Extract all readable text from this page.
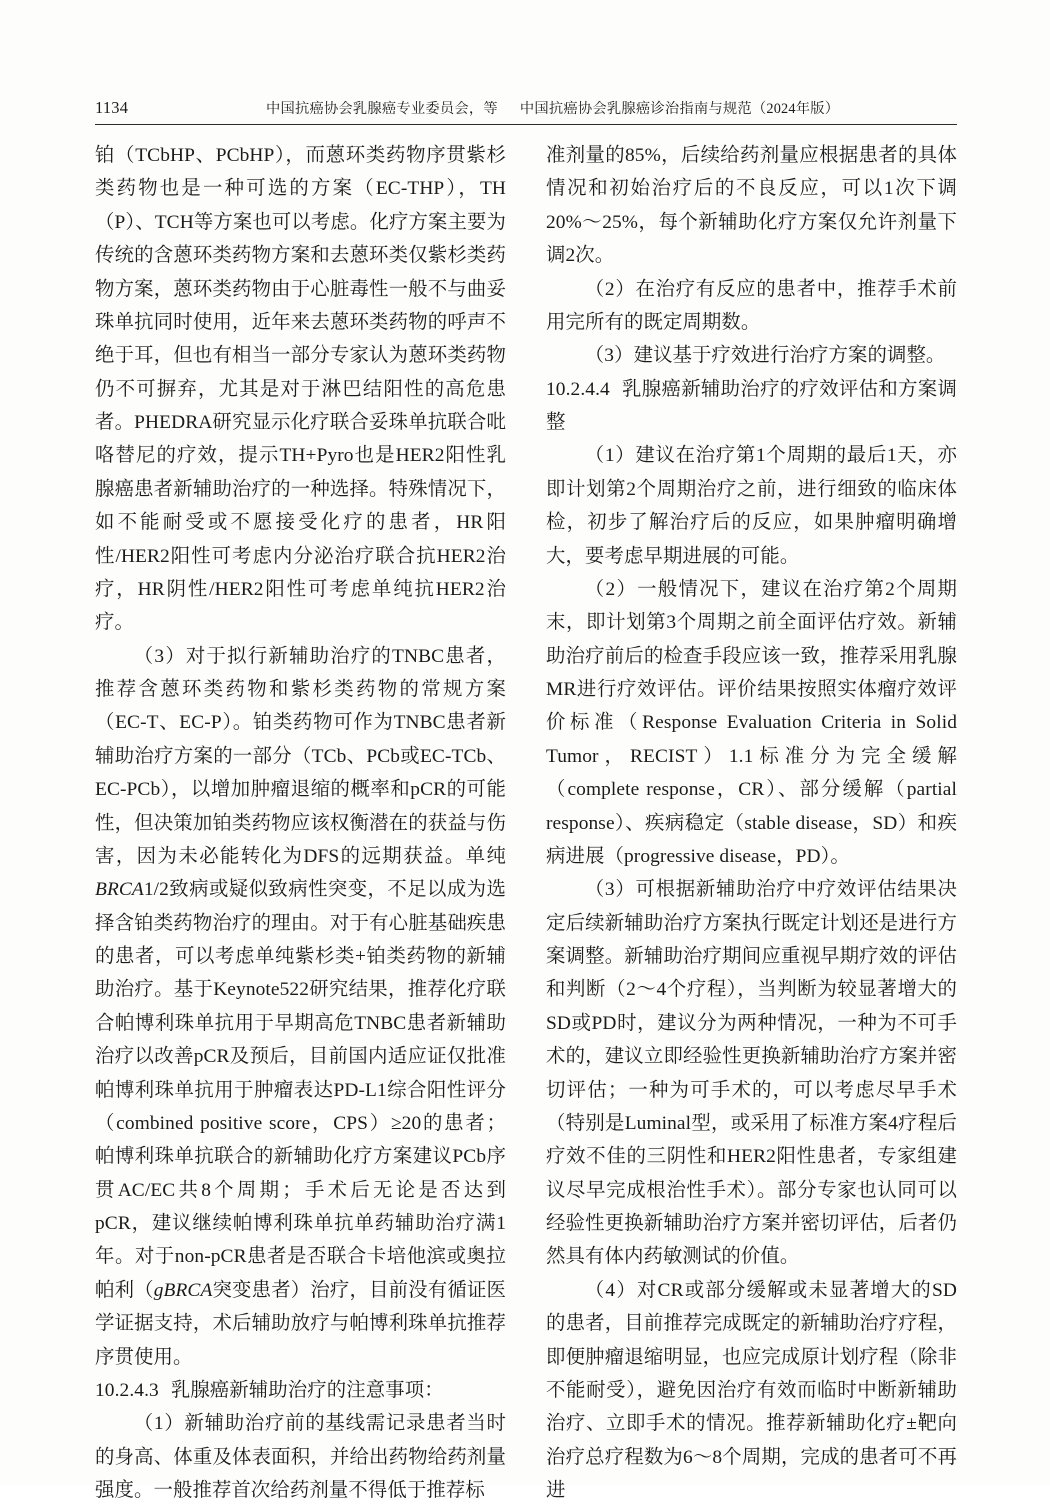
1134	中国抗癌协会乳腺癌专业委员会，等 中国抗癌协会乳腺癌诊治指南与规范（2024年版）

铂（TCbHP、PCbHP），而蒽环类药物序贯紫杉类药物也是一种可选的方案（EC-THP），TH（P）、TCH等方案也可以考虑。化疗方案主要为传统的含蒽环类药物方案和去蒽环类仅紫杉类药物方案，蒽环类药物由于心脏毒性一般不与曲妥珠单抗同时使用，近年来去蒽环类药物的呼声不绝于耳，但也有相当一部分专家认为蒽环类药物仍不可摒弃，尤其是对于淋巴结阳性的高危患者。PHEDRA研究显示化疗联合妥珠单抗联合吡咯替尼的疗效，提示TH+Pyro也是HER2阳性乳腺癌患者新辅助治疗的一种选择。特殊情况下，如不能耐受或不愿接受化疗的患者，HR阳性/HER2阳性可考虑内分泌治疗联合抗HER2治疗，HR阴性/HER2阳性可考虑单纯抗HER2治疗。

（3）对于拟行新辅助治疗的TNBC患者，推荐含蒽环类药物和紫杉类药物的常规方案（EC-T、EC-P）。铂类药物可作为TNBC患者新辅助治疗方案的一部分（TCb、PCb或EC-TCb、EC-PCb），以增加肿瘤退缩的概率和pCR的可能性，但决策加铂类药物应该权衡潜在的获益与伤害，因为未必能转化为DFS的远期获益。单纯BRCA1/2致病或疑似致病性突变，不足以成为选择含铂类药物治疗的理由。对于有心脏基础疾患的患者，可以考虑单纯紫杉类+铂类药物的新辅助治疗。基于Keynote522研究结果，推荐化疗联合帕博利珠单抗用于早期高危TNBC患者新辅助治疗以改善pCR及预后，目前国内适应证仅批准帕博利珠单抗用于肿瘤表达PD-L1综合阳性评分（combined positive score，CPS）≥20的患者；帕博利珠单抗联合的新辅助化疗方案建议PCb序贯AC/EC共8个周期；手术后无论是否达到pCR，建议继续帕博利珠单抗单药辅助治疗满1年。对于non-pCR患者是否联合卡培他滨或奥拉帕利（gBRCA突变患者）治疗，目前没有循证医学证据支持，术后辅助放疗与帕博利珠单抗推荐序贯使用。

10.2.4.3 乳腺癌新辅助治疗的注意事项：

（1）新辅助治疗前的基线需记录患者当时的身高、体重及体表面积，并给出药物给药剂量强度。一般推荐首次给药剂量不得低于推荐标

准剂量的85%，后续给药剂量应根据患者的具体情况和初始治疗后的不良反应，可以1次下调20%～25%，每个新辅助化疗方案仅允许剂量下调2次。

（2）在治疗有反应的患者中，推荐手术前用完所有的既定周期数。

（3）建议基于疗效进行治疗方案的调整。

10.2.4.4 乳腺癌新辅助治疗的疗效评估和方案调整

（1）建议在治疗第1个周期的最后1天，亦即计划第2个周期治疗之前，进行细致的临床体检，初步了解治疗后的反应，如果肿瘤明确增大，要考虑早期进展的可能。

（2）一般情况下，建议在治疗第2个周期末，即计划第3个周期之前全面评估疗效。新辅助治疗前后的检查手段应该一致，推荐采用乳腺MR进行疗效评估。评价结果按照实体瘤疗效评价标准（Response Evaluation Criteria in Solid Tumor，RECIST）1.1标准分为完全缓解（complete response，CR）、部分缓解（partial response）、疾病稳定（stable disease，SD）和疾病进展（progressive disease，PD）。

（3）可根据新辅助治疗中疗效评估结果决定后续新辅助治疗方案执行既定计划还是进行方案调整。新辅助治疗期间应重视早期疗效的评估和判断（2～4个疗程），当判断为较显著增大的SD或PD时，建议分为两种情况，一种为不可手术的，建议立即经验性更换新辅助治疗方案并密切评估；一种为可手术的，可以考虑尽早手术（特别是Luminal型，或采用了标准方案4疗程后疗效不佳的三阴性和HER2阳性患者，专家组建议尽早完成根治性手术）。部分专家也认同可以经验性更换新辅助治疗方案并密切评估，后者仍然具有体内药敏测试的价值。

（4）对CR或部分缓解或未显著增大的SD的患者，目前推荐完成既定的新辅助治疗疗程，即便肿瘤退缩明显，也应完成原计划疗程（除非不能耐受），避免因治疗有效而临时中断新辅助治疗、立即手术的情况。推荐新辅助化疗±靶向治疗总疗程数为6～8个周期，完成的患者可不再进
